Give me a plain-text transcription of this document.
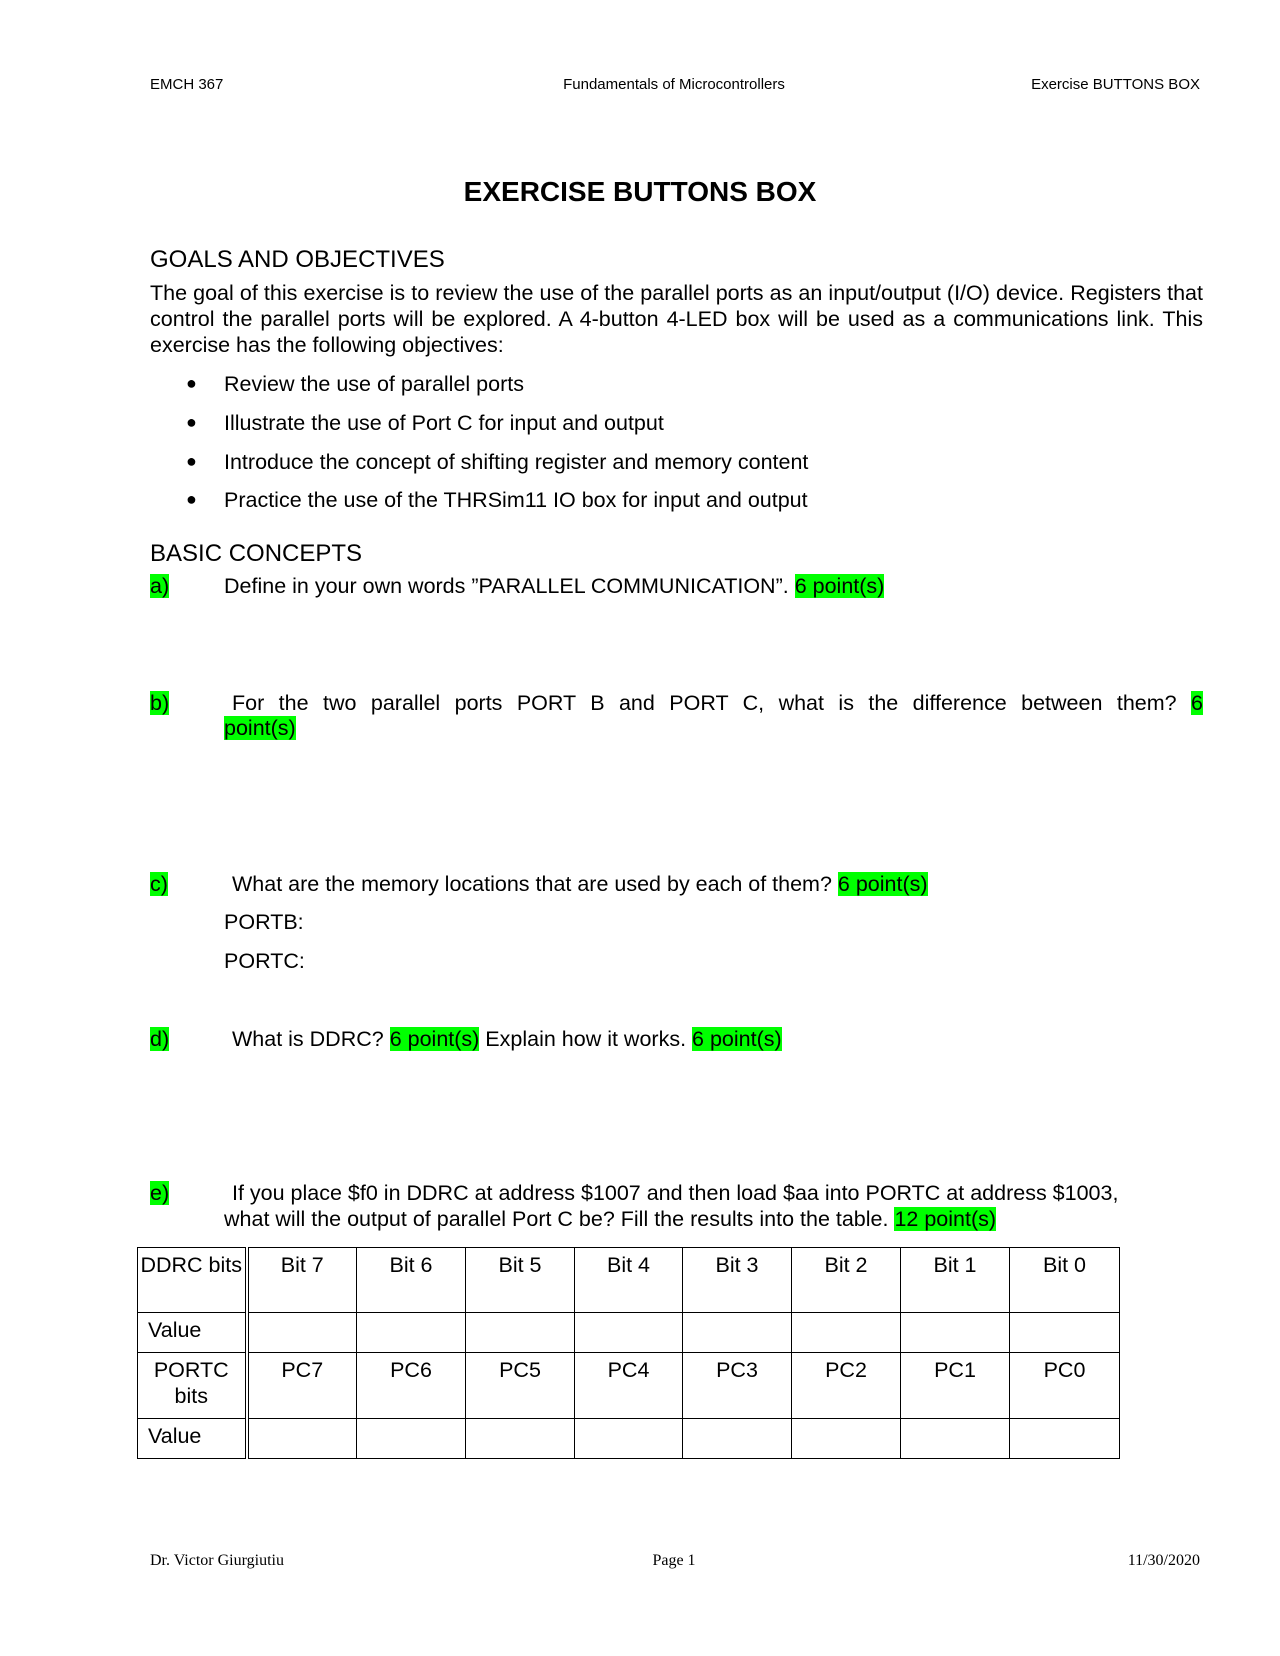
EMCH 367	Fundamentals of Microcontrollers	Exercise BUTTONS BOX
EXERCISE BUTTONS BOX
GOALS AND OBJECTIVES
The goal of this exercise is to review the use of the parallel ports as an input/output (I/O) device. Registers that control the parallel ports will be explored. A 4-button 4-LED box will be used as a communications link. This exercise has the following objectives:
● Review the use of parallel ports
● Illustrate the use of Port C for input and output
● Introduce the concept of shifting register and memory content
● Practice the use of the THRSim11 IO box for input and output
BASIC CONCEPTS
a)	Define in your own words ”PARALLEL COMMUNICATION”. 6 point(s)
b)	For the two parallel ports PORT B and PORT C, what is the difference between them? 6
point(s)
c)	What are the memory locations that are used by each of them? 6 point(s)
PORTB:
PORTC:
d)	What is DDRC? 6 point(s) Explain how it works. 6 point(s)
e)	If you place $f0 in DDRC at address $1007 and then load $aa into PORTC at address $1003,
what will the output of parallel Port C be? Fill the results into the table. 12 point(s)
DDRC bits	Bit 7	Bit 6	Bit 5	Bit 4	Bit 3	Bit 2	Bit 1	Bit 0
Value								
PORTC bits	PC7	PC6	PC5	PC4	PC3	PC2	PC1	PC0
Value								
Dr. Victor Giurgiutiu	Page 1	11/30/2020
